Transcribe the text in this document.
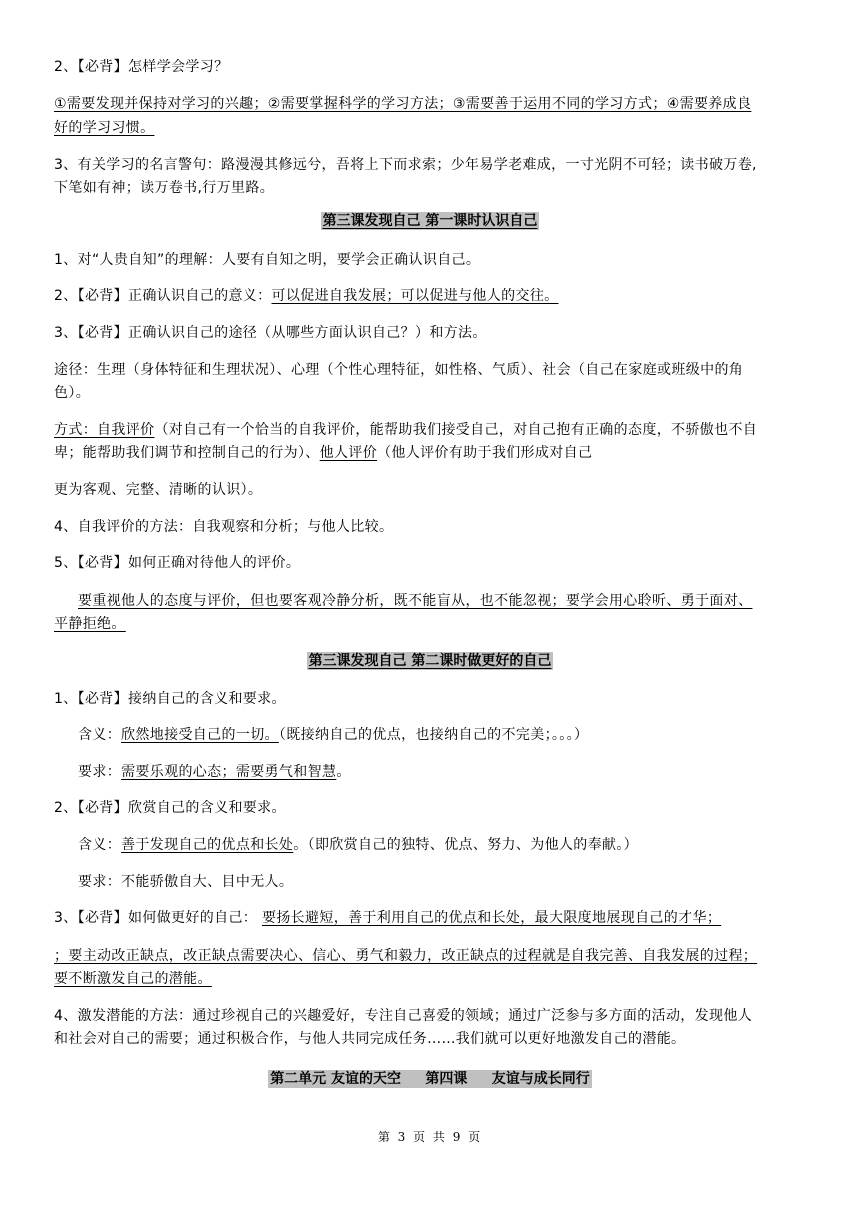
2、【必背】怎样学会学习？
①需要发现并保持对学习的兴趣；②需要掌握科学的学习方法；③需要善于运用不同的学习方式；④需要养成良
好的学习习惯。
3、有关学习的名言警句：路漫漫其修远兮，吾将上下而求索；少年易学老难成，一寸光阴不可轻；读书破万卷,
下笔如有神；读万卷书,行万里路。
第三课发现自己 第一课时认识自己
1、对“人贵自知”的理解：人要有自知之明，要学会正确认识自己。
2、【必背】正确认识自己的意义：可以促进自我发展；可以促进与他人的交往。
3、【必背】正确认识自己的途径（从哪些方面认识自己？）和方法。
途径：生理（身体特征和生理状况）、心理（个性心理特征，如性格、气质）、社会（自己在家庭或班级中的角
色）。
方式：自我评价（对自己有一个恰当的自我评价，能帮助我们接受自己，对自己抱有正确的态度，不骄傲也不自
卑；能帮助我们调节和控制自己的行为）、他人评价（他人评价有助于我们形成对自己
更为客观、完整、清晰的认识）。
4、自我评价的方法：自我观察和分析；与他人比较。
5、【必背】如何正确对待他人的评价。
要重视他人的态度与评价，但也要客观冷静分析，既不能盲从，也不能忽视；要学会用心聆听、勇于面对、
平静拒绝。
第三课发现自己 第二课时做更好的自己
1、【必背】接纳自己的含义和要求。
含义：欣然地接受自己的一切。（既接纳自己的优点，也接纳自己的不完美；。。。）
要求：需要乐观的心态；需要勇气和智慧。
2、【必背】欣赏自己的含义和要求。
含义：善于发现自己的优点和长处。（即欣赏自己的独特、优点、努力、为他人的奉献。）
要求：不能骄傲自大、目中无人。
3、【必背】如何做更好的自己： 要扬长避短，善于利用自己的优点和长处，最大限度地展现自己的才华；
；要主动改正缺点，改正缺点需要决心、信心、勇气和毅力，改正缺点的过程就是自我完善、自我发展的过程；
要不断激发自己的潜能。
4、激发潜能的方法：通过珍视自己的兴趣爱好，专注自己喜爱的领域；通过广泛参与多方面的活动，发现他人
和社会对自己的需要；通过积极合作，与他人共同完成任务……我们就可以更好地激发自己的潜能。
第二单元 友谊的天空     第四课     友谊与成长同行
第 3 页 共 9 页
